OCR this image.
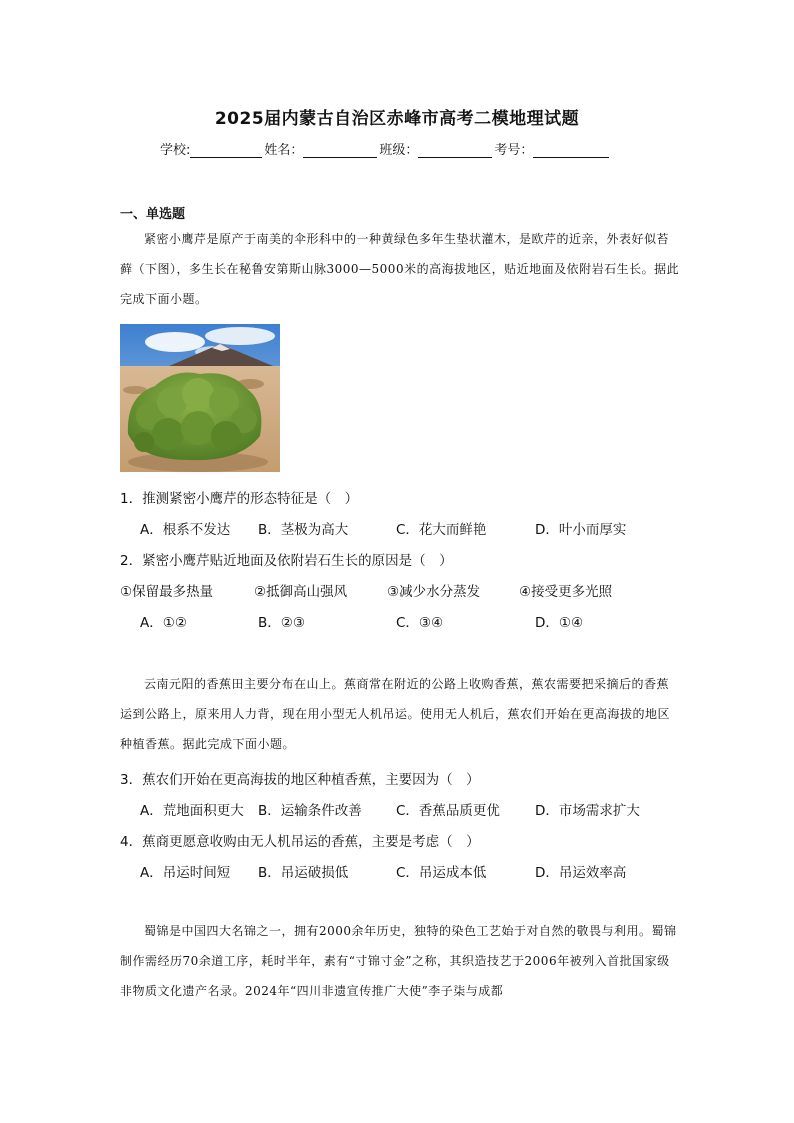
2025届内蒙古自治区赤峰市高考二模地理试题
学校:	姓名：	班级：	考号：
一、单选题

紧密小鹰芹是原产于南美的伞形科中的一种黄绿色多年生垫状灌木，是欧芹的近亲，外表好似苔藓（下图），多生长在秘鲁安第斯山脉3000—5000米的高海拔地区，贴近地面及依附岩石生长。据此完成下面小题。

1．推测紧密小鹰芹的形态特征是（　）
A．根系不发达 B．茎极为高大	C．花大而鲜艳	D．叶小而厚实
2．紧密小鹰芹贴近地面及依附岩石生长的原因是（　）
①保留最多热量	②抵御高山强风	③减少水分蒸发	④接受更多光照
A．①②	B．②③	C．③④	D．①④

云南元阳的香蕉田主要分布在山上。蕉商常在附近的公路上收购香蕉，蕉农需要把采摘后的香蕉运到公路上，原来用人力背，现在用小型无人机吊运。使用无人机后，蕉农们开始在更高海拔的地区种植香蕉。据此完成下面小题。

3．蕉农们开始在更高海拔的地区种植香蕉，主要因为（　）
A．荒地面积更大 B．运输条件改善	C．香蕉品质更优	D．市场需求扩大
4．蕉商更愿意收购由无人机吊运的香蕉，主要是考虑（　）
A．吊运时间短 B．吊运破损低	C．吊运成本低	D．吊运效率高

蜀锦是中国四大名锦之一，拥有2000余年历史，独特的染色工艺始于对自然的敬畏与利用。蜀锦制作需经历70余道工序，耗时半年，素有“寸锦寸金”之称，其织造技艺于2006年被列入首批国家级非物质文化遗产名录。2024年“四川非遗宣传推广大使”李子柒与成都
